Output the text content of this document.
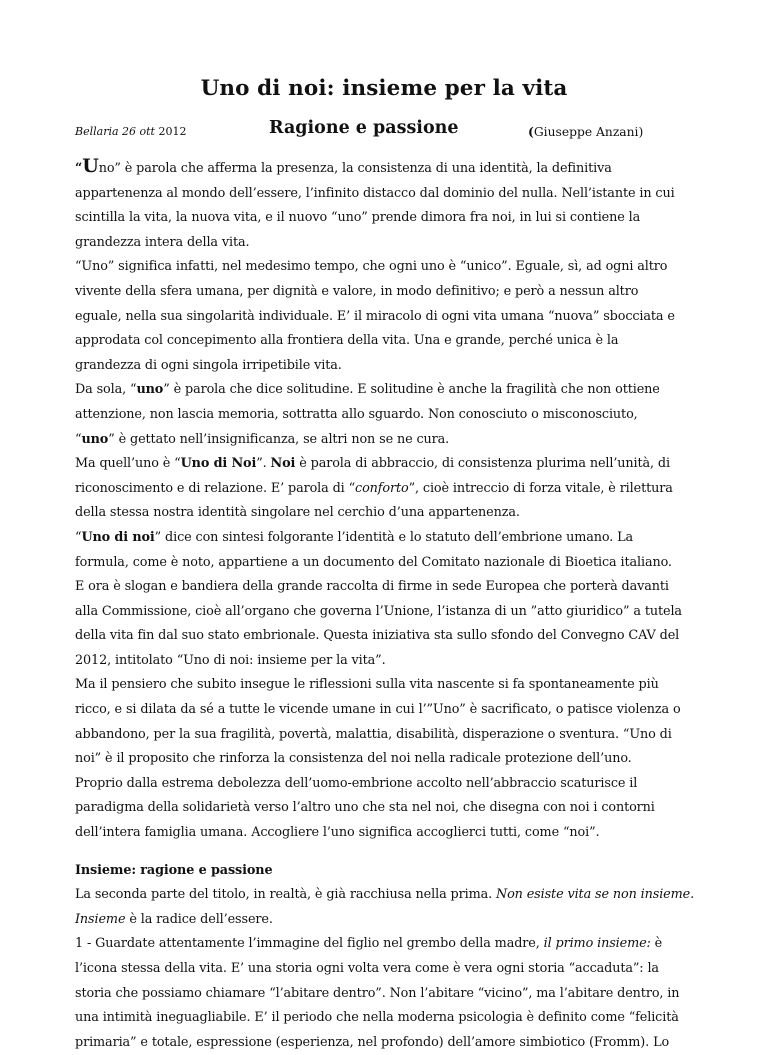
Uno di noi: insieme per la vita
Bellaria 26 ott 2012	Ragione e passione	(Giuseppe Anzani)
“Uno” è parola che afferma la presenza, la consistenza di una identità, la definitiva
appartenenza al mondo dell’essere, l’infinito distacco dal dominio del nulla. Nell’istante in cui
scintilla la vita, la nuova vita, e il nuovo “uno” prende dimora fra noi, in lui si contiene la
grandezza intera della vita.
“Uno” significa infatti, nel medesimo tempo, che ogni uno è “unico”. Eguale, sì, ad ogni altro
vivente della sfera umana, per dignità e valore, in modo definitivo; e però a nessun altro
eguale, nella sua singolarità individuale. E’ il miracolo di ogni vita umana “nuova” sbocciata e
approdata col concepimento alla frontiera della vita. Una e grande, perché unica è la
grandezza di ogni singola irripetibile vita.
Da sola, “uno” è parola che dice solitudine. E solitudine è anche la fragilità che non ottiene
attenzione, non lascia memoria, sottratta allo sguardo. Non conosciuto o misconosciuto,
“uno” è gettato nell’insignificanza, se altri non se ne cura.
Ma quell’uno è “Uno di Noi”. Noi è parola di abbraccio, di consistenza plurima nell’unità, di
riconoscimento e di relazione. E’ parola di “conforto”, cioè intreccio di forza vitale, è rilettura
della stessa nostra identità singolare nel cerchio d’una appartenenza.
“Uno di noi” dice con sintesi folgorante l’identità e lo statuto dell’embrione umano. La
formula, come è noto, appartiene a un documento del Comitato nazionale di Bioetica italiano.
E ora è slogan e bandiera della grande raccolta di firme in sede Europea che porterà davanti
alla Commissione, cioè all’organo che governa l’Unione, l’istanza di un ”atto giuridico” a tutela
della vita fin dal suo stato embrionale. Questa iniziativa sta sullo sfondo del Convegno CAV del
2012, intitolato “Uno di noi: insieme per la vita”.
Ma il pensiero che subito insegue le riflessioni sulla vita nascente si fa spontaneamente più
ricco, e si dilata da sé a tutte le vicende umane in cui l’”Uno” è sacrificato, o patisce violenza o
abbandono, per la sua fragilità, povertà, malattia, disabilità, disperazione o sventura. “Uno di
noi” è il proposito che rinforza la consistenza del noi nella radicale protezione dell’uno.
Proprio dalla estrema debolezza dell’uomo-embrione accolto nell’abbraccio scaturisce il
paradigma della solidarietà verso l’altro uno che sta nel noi, che disegna con noi i contorni
dell’intera famiglia umana. Accogliere l’uno significa accoglierci tutti, come “noi”.
Insieme: ragione e passione
La seconda parte del titolo, in realtà, è già racchiusa nella prima. Non esiste vita se non insieme.
Insieme è la radice dell’essere.
1 - Guardate attentamente l’immagine del figlio nel grembo della madre, il primo insieme: è
l’icona stessa della vita. E’ una storia ogni volta vera come è vera ogni storia “accaduta”: la
storia che possiamo chiamare “l’abitare dentro”. Non l’abitare “vicino”, ma l’abitare dentro, in
una intimità ineguagliabile. E’ il periodo che nella moderna psicologia è definito come “felicità
primaria” e totale, espressione (esperienza, nel profondo) dell’amore simbiotico (Fromm). Lo
